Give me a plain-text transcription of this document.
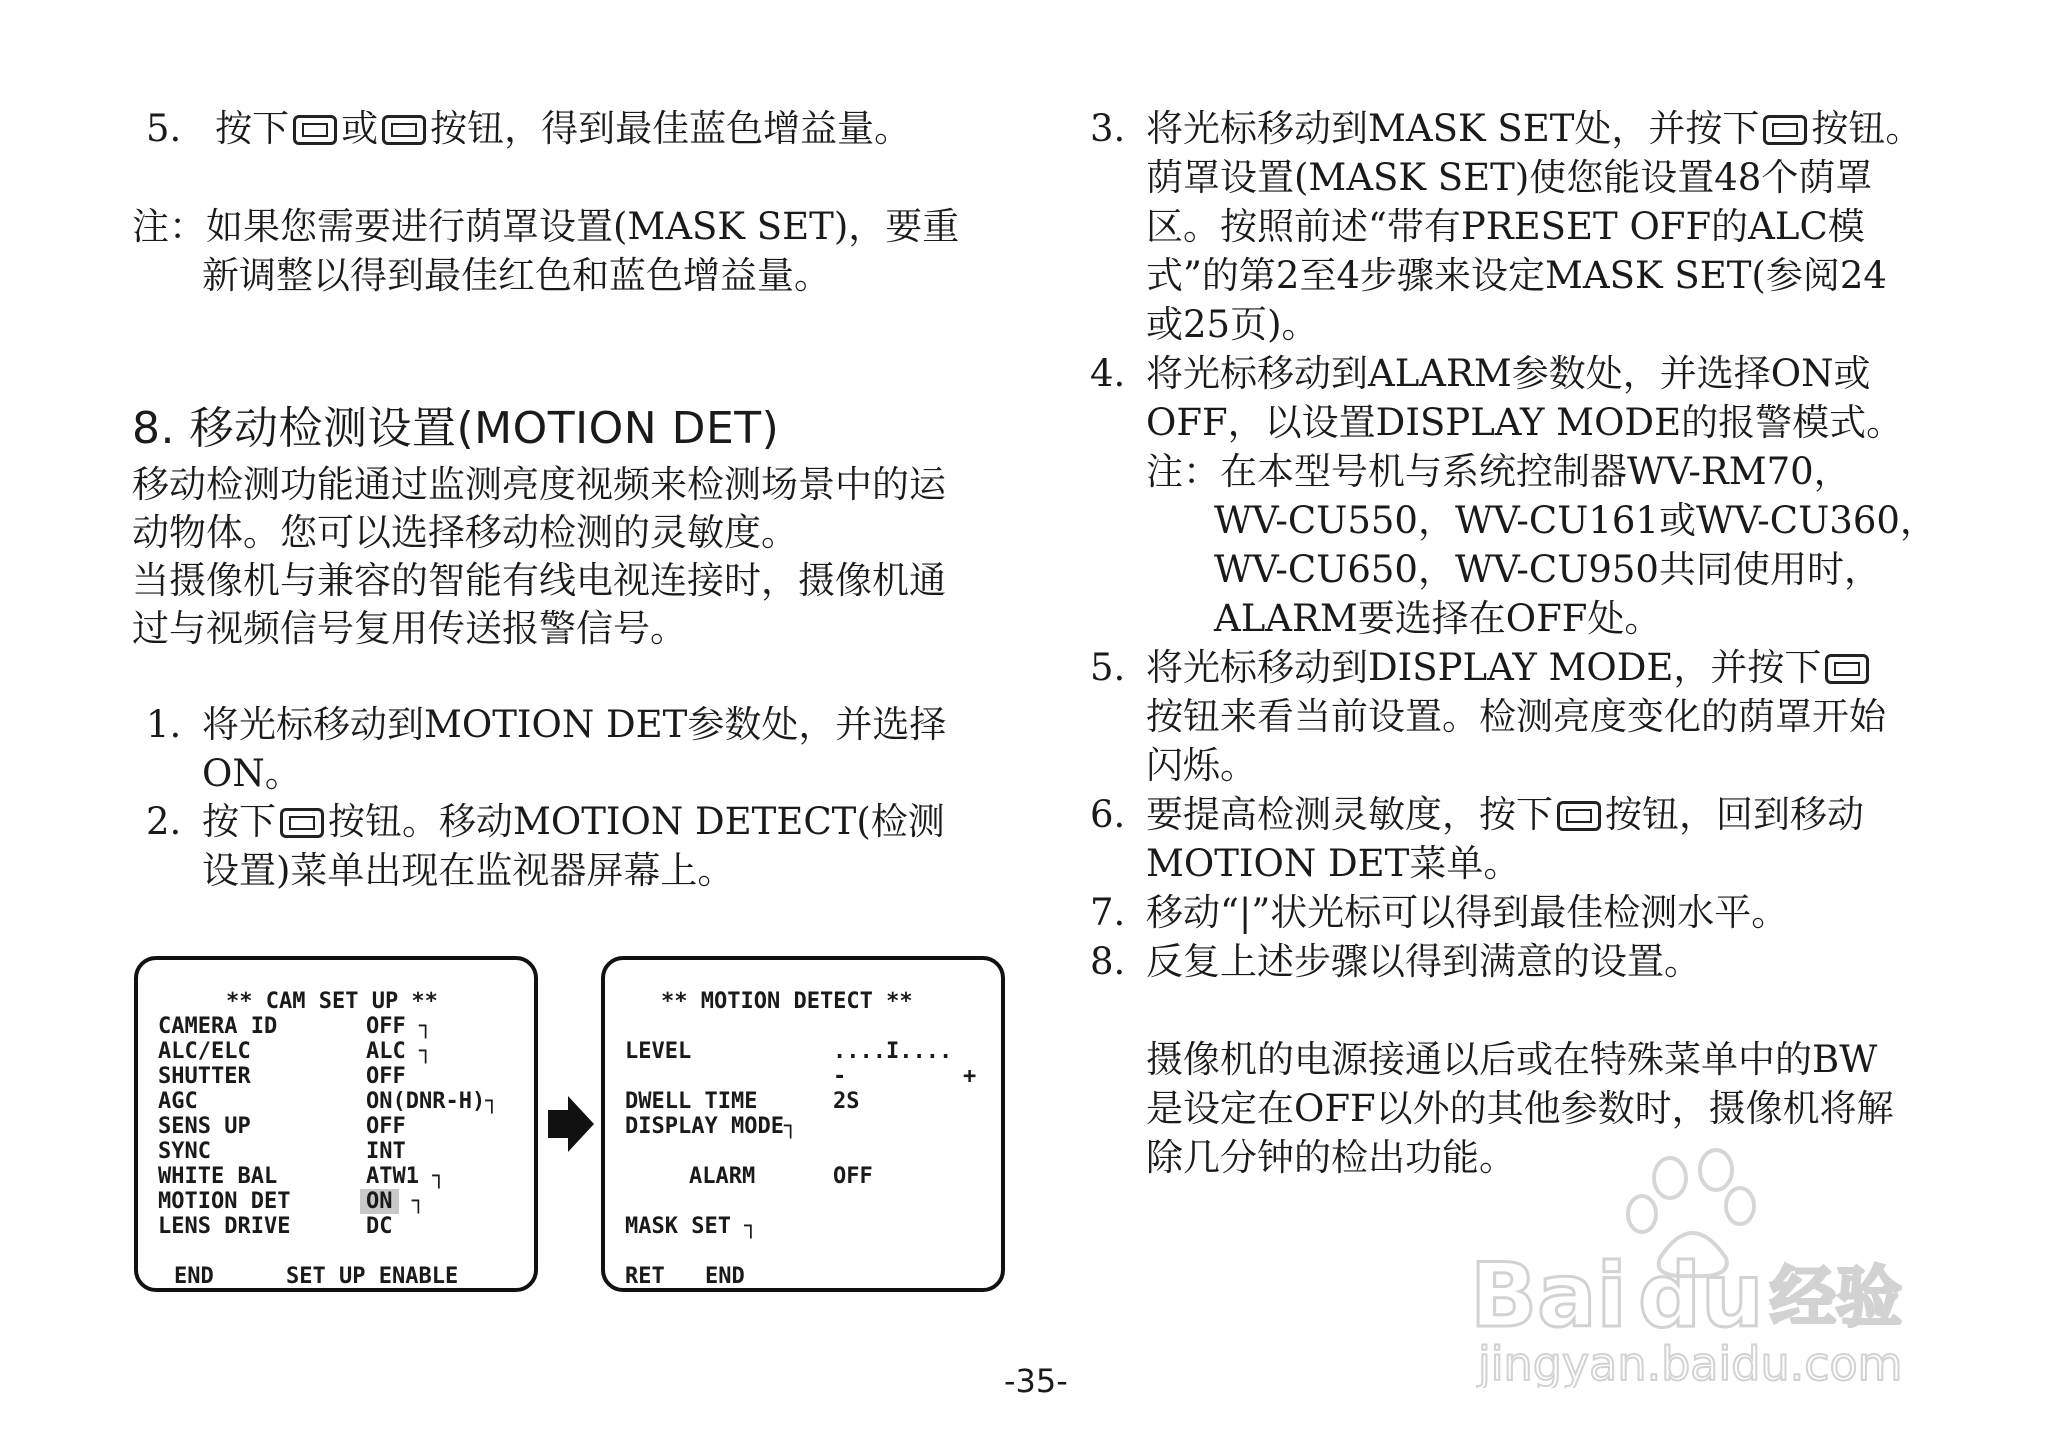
5. 按下 或 按钮，得到最佳蓝色增益量。
注：如果您需要进行荫罩设置(MASK SET)，要重
新调整以得到最佳红色和蓝色增益量。
8. 移动检测设置(MOTION DET)
移动检测功能通过监测亮度视频来检测场景中的运
动物体。您可以选择移动检测的灵敏度。
当摄像机与兼容的智能有线电视连接时，摄像机通
过与视频信号复用传送报警信号。
1. 将光标移动到MOTION DET参数处，并选择
ON。
2. 按下 按钮。移动MOTION DETECT(检测
设置)菜单出现在监视器屏幕上。
** CAM SET UP **
CAMERA ID	OFF ┐
ALC/ELC	ALC ┐
SHUTTER	OFF
AGC	ON(DNR-H)┐
SENS UP	OFF
SYNC	INT
WHITE BAL	ATW1 ┐
MOTION DET	ON ┐
LENS DRIVE	DC
END	SET UP ENABLE
** MOTION DETECT **
LEVEL	....I....
-	+
DWELL TIME	2S
DISPLAY MODE┐
ALARM	OFF
MASK SET ┐
RET END
3. 将光标移动到MASK SET处，并按下 按钮。
荫罩设置(MASK SET)使您能设置48个荫罩
区。按照前述“带有PRESET OFF的ALC模
式”的第2至4步骤来设定MASK SET(参阅24
或25页)。
4. 将光标移动到ALARM参数处，并选择ON或
OFF，以设置DISPLAY MODE的报警模式。
注： 在本型号机与系统控制器WV-RM70，
WV-CU550，WV-CU161或WV-CU360，
WV-CU650，WV-CU950共同使用时，
ALARM要选择在OFF处。
5. 将光标移动到DISPLAY MODE，并按下
按钮来看当前设置。检测亮度变化的荫罩开始
闪烁。
6. 要提高检测灵敏度，按下 按钮，回到移动
MOTION DET菜单。
7. 移动“|”状光标可以得到最佳检测水平。
8. 反复上述步骤以得到满意的设置。
摄像机的电源接通以后或在特殊菜单中的BW
是设定在OFF以外的其他参数时，摄像机将解
除几分钟的检出功能。
Bai du 经验
jingyan.baidu.com
-35-
